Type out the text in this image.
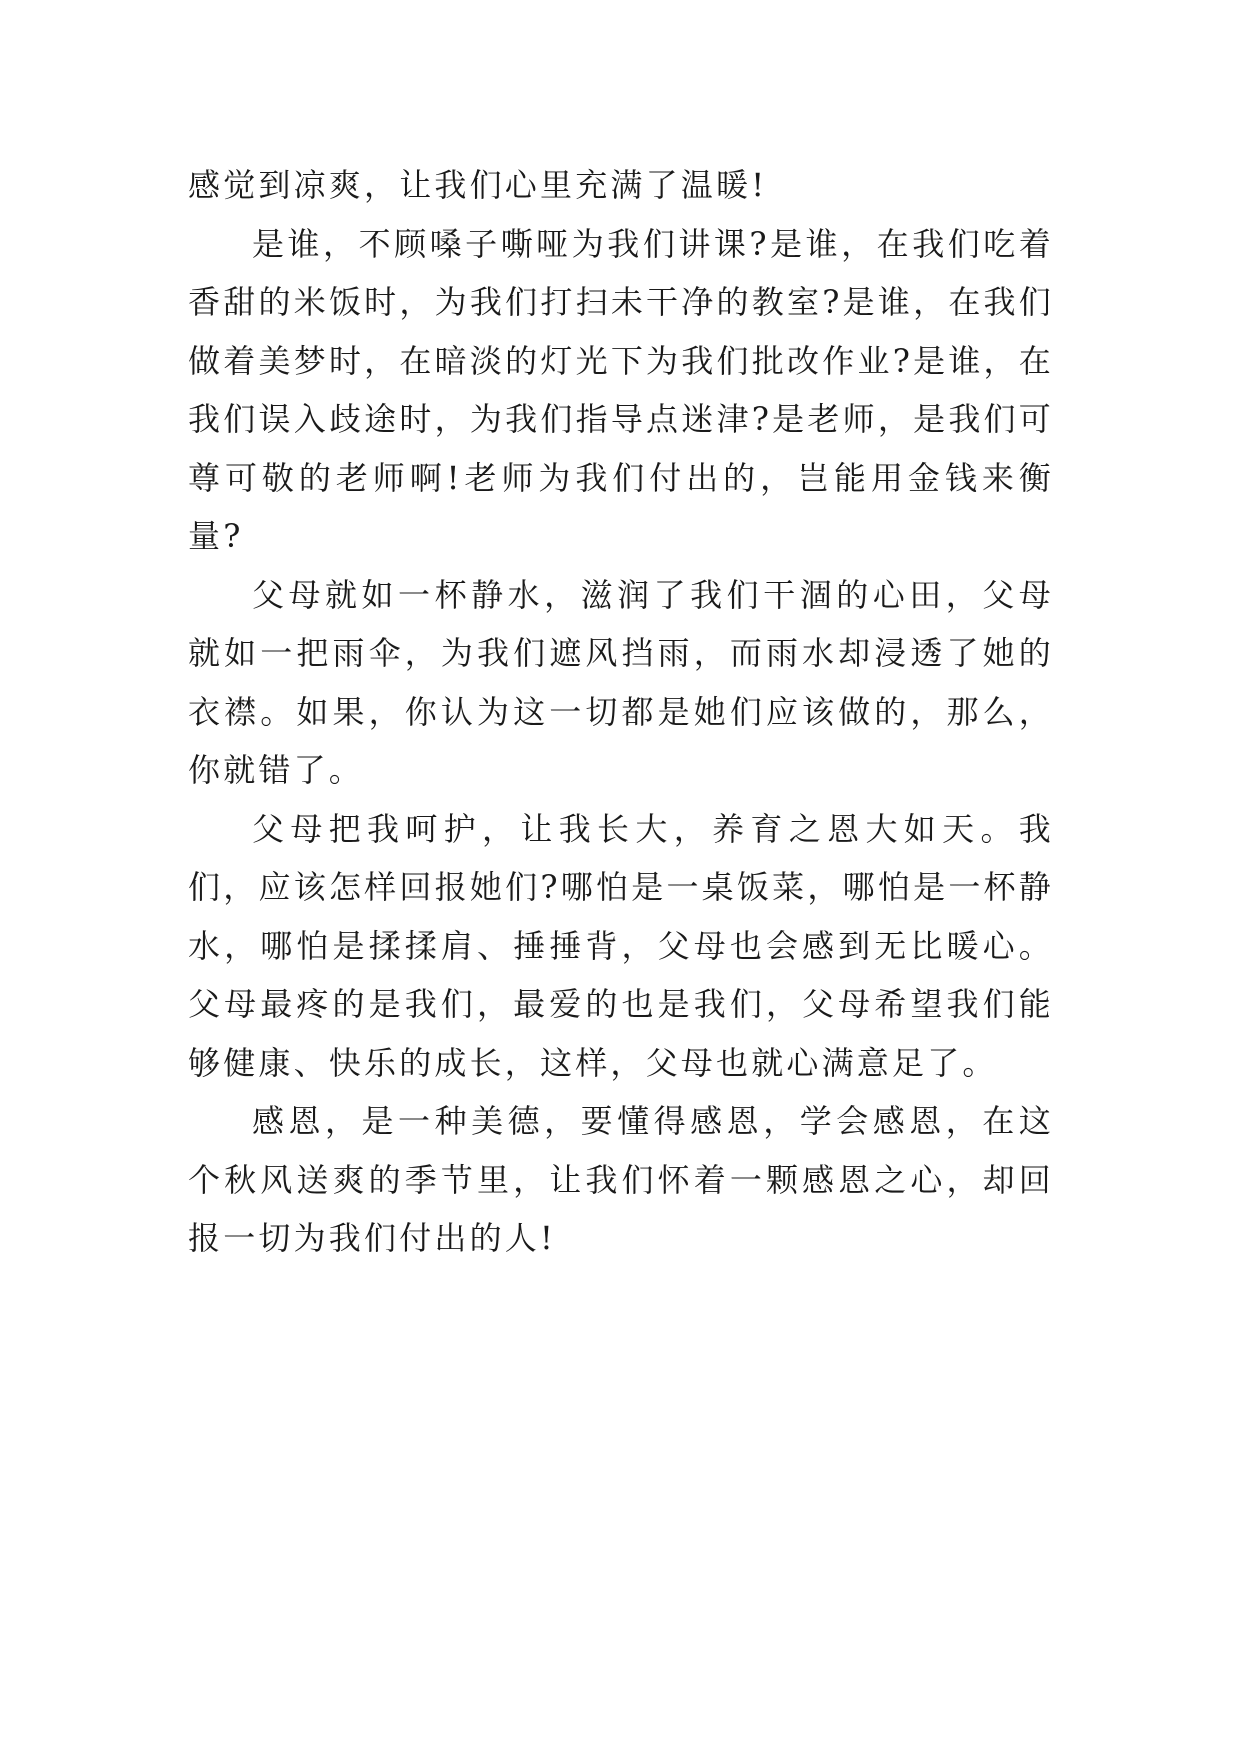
感觉到凉爽，让我们心里充满了温暖!

是谁，不顾嗓子嘶哑为我们讲课?是谁，在我们吃着香甜的米饭时，为我们打扫未干净的教室?是谁，在我们做着美梦时，在暗淡的灯光下为我们批改作业?是谁，在我们误入歧途时，为我们指导点迷津?是老师，是我们可尊可敬的老师啊!老师为我们付出的，岂能用金钱来衡量?

父母就如一杯静水，滋润了我们干涸的心田，父母就如一把雨伞，为我们遮风挡雨，而雨水却浸透了她的衣襟。如果，你认为这一切都是她们应该做的，那么，你就错了。

父母把我呵护，让我长大，养育之恩大如天。我们，应该怎样回报她们?哪怕是一桌饭菜，哪怕是一杯静水，哪怕是揉揉肩、捶捶背，父母也会感到无比暖心。父母最疼的是我们，最爱的也是我们，父母希望我们能够健康、快乐的成长，这样，父母也就心满意足了。

感恩，是一种美德，要懂得感恩，学会感恩，在这个秋风送爽的季节里，让我们怀着一颗感恩之心，却回报一切为我们付出的人!
